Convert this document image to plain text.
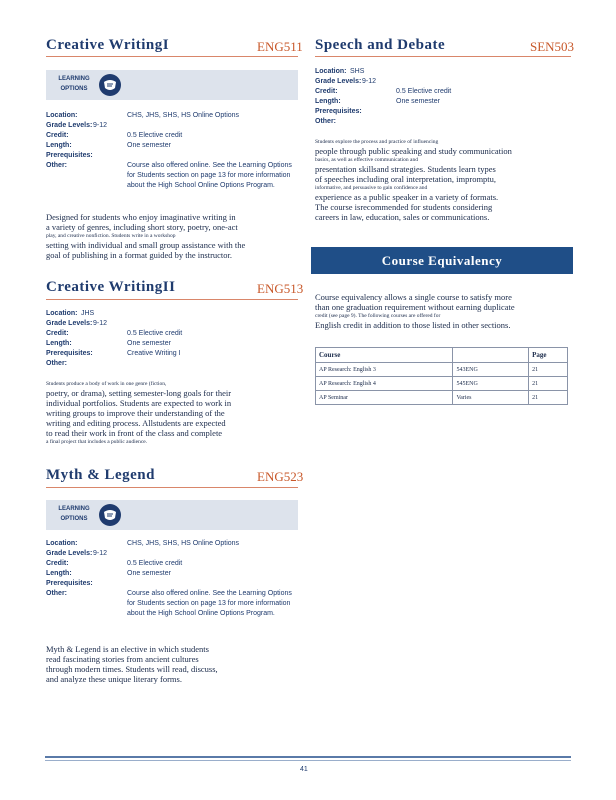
Creative WritingI	ENG511
LEARNING OPTIONS
Location:	CHS, JHS, SHS, HS Online Options
Grade Levels: 9-12
Credit:	0.5 Elective credit
Length:	One semester
Prerequisites:
Other:	Course also offered online. See the Learning Options for Students section on page 13 for more information about the High School Online Options Program.
Designed for students who enjoy imaginative writing in
a variety of genres, including short story, poetry, one-act
play, and creative nonfiction. Students write in a workshop
setting with individual and small group assistance with the
goal of publishing in a format guided by the instructor.
Creative WritingII	ENG513
Location: JHS
Grade Levels: 9-12
Credit:	0.5 Elective credit
Length:	One semester
Prerequisites:	Creative Writing I
Other:
Students produce a body of work in one genre (fiction,
poetry, or drama), setting semester-long goals for their
individual portfolios. Students are expected to work in
writing groups to improve their understanding of the
writing and editing process. Allstudents are expected
to read their work in front of the class and complete
a final project that includes a public audience.
Myth & Legend	ENG523
LEARNING OPTIONS
Location:	CHS, JHS, SHS, HS Online Options
Grade Levels: 9-12
Credit:	0.5 Elective credit
Length:	One semester
Prerequisites:
Other:	Course also offered online. See the Learning Options for Students section on page 13 for more information about the High School Online Options Program.
Myth & Legend is an elective in which students
read fascinating stories from ancient cultures
through modern times. Students will read, discuss,
and analyze these unique literary forms.
Speech and Debate	SEN503
Location: SHS
Grade Levels: 9-12
Credit:	0.5 Elective credit
Length:	One semester
Prerequisites:
Other:
Students explore the process and practice of influencing
people through public speaking and study communication
basics, as well as effective communication and
presentation skillsand strategies. Students learn types
of speeches including oral interpretation, impromptu,
informative, and persuasive to gain confidence and
experience as a public speaker in a variety of formats.
The course isrecommended for students considering
careers in law, education, sales or communications.
Course Equivalency
Course equivalency allows a single course to satisfy more
than one graduation requirement without earning duplicate
credit (see page 9). The following courses are offered for
English credit in addition to those listed in other sections.
Course		Page
AP Research: English 3	543ENG	21
AP Research: English 4	545ENG	21
AP Seminar	Varies	21
41
